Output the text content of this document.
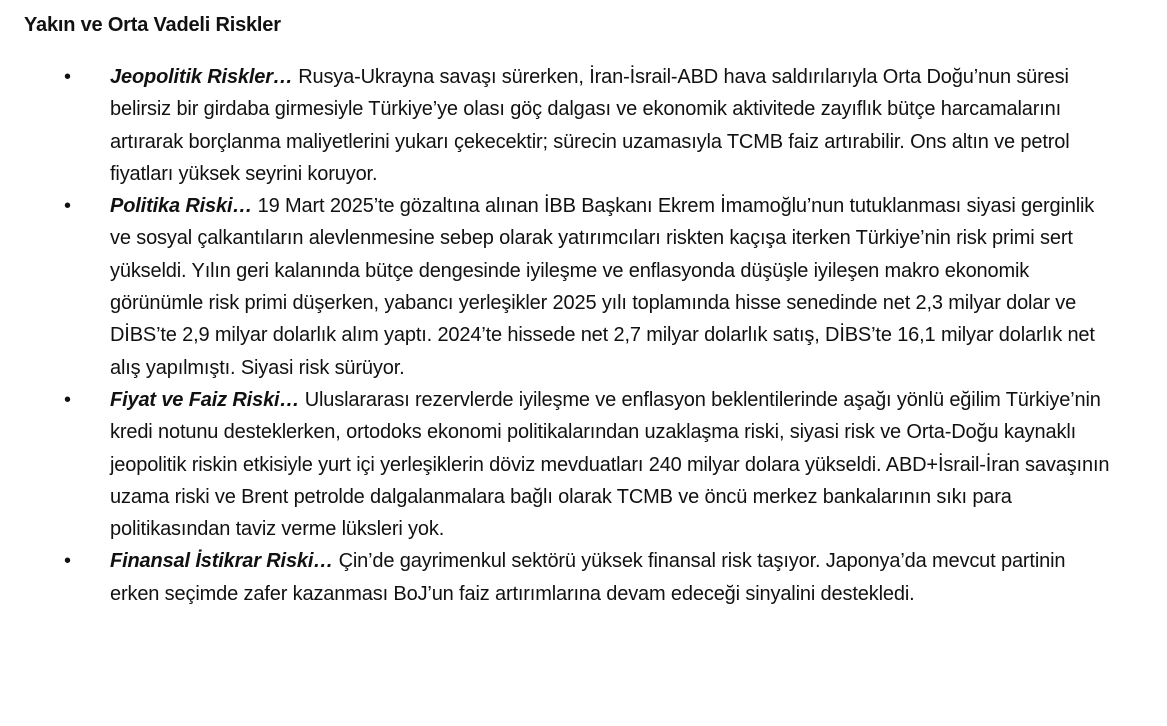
Yakın ve Orta Vadeli Riskler
• Jeopolitik Riskler… Rusya-Ukrayna savaşı sürerken, İran-İsrail-ABD hava saldırılarıyla Orta Doğu’nun süresi belirsiz bir girdaba girmesiyle Türkiye’ye olası göç dalgası ve ekonomik aktivitede zayıflık bütçe harcamalarını artırarak borçlanma maliyetlerini yukarı çekecektir; sürecin uzamasıyla TCMB faiz artırabilir. Ons altın ve petrol fiyatları yüksek seyrini koruyor.
• Politika Riski… 19 Mart 2025’te gözaltına alınan İBB Başkanı Ekrem İmamoğlu’nun tutuklanması siyasi gerginlik ve sosyal çalkantıların alevlenmesine sebep olarak yatırımcıları riskten kaçışa iterken Türkiye’nin risk primi sert yükseldi. Yılın geri kalanında bütçe dengesinde iyileşme ve enflasyonda düşüşle iyileşen makro ekonomik görünümle risk primi düşerken, yabancı yerleşikler 2025 yılı toplamında hisse senedinde net 2,3 milyar dolar ve DİBS’te 2,9 milyar dolarlık alım yaptı. 2024’te hissede net 2,7 milyar dolarlık satış, DİBS’te 16,1 milyar dolarlık net alış yapılmıştı. Siyasi risk sürüyor.
• Fiyat ve Faiz Riski… Uluslararası rezervlerde iyileşme ve enflasyon beklentilerinde aşağı yönlü eğilim Türkiye’nin kredi notunu desteklerken, ortodoks ekonomi politikalarından uzaklaşma riski, siyasi risk ve Orta-Doğu kaynaklı jeopolitik riskin etkisiyle yurt içi yerleşiklerin döviz mevduatları 240 milyar dolara yükseldi. ABD+İsrail-İran savaşının uzama riski ve Brent petrolde dalgalanmalara bağlı olarak TCMB ve öncü merkez bankalarının sıkı para politikasından taviz verme lüksleri yok.
• Finansal İstikrar Riski… Çin’de gayrimenkul sektörü yüksek finansal risk taşıyor. Japonya’da mevcut partinin erken seçimde zafer kazanması BoJ’un faiz artırımlarına devam edeceği sinyalini destekledi.
